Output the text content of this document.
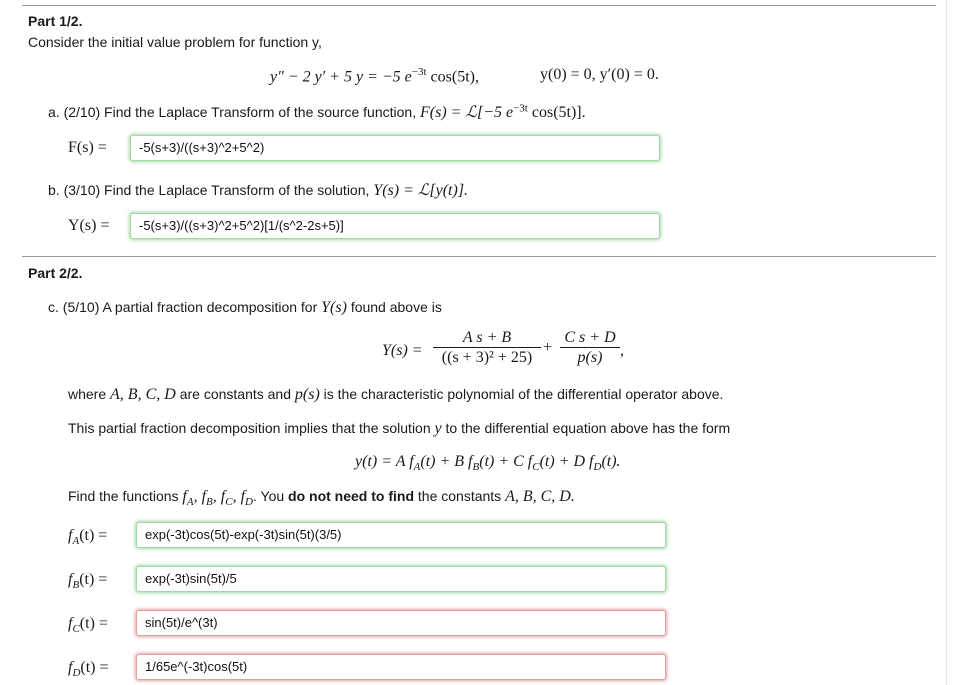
Part 1/2.
Consider the initial value problem for function y,
y″ − 2 y′ + 5 y = −5 $e^{-3t}$ cos(5t),	y(0) = 0, y′(0) = 0.
a. (2/10) Find the Laplace Transform of the source function, F(s) = ℒ[−5 $e^{-3t}$ cos(5t)].
F(s) =	-5(s+3)/((s+3)^2+5^2)
b. (3/10) Find the Laplace Transform of the solution, Y(s) = ℒ[y(t)].
Y(s) =	-5(s+3)/((s+3)^2+5^2)[1/(s^2-2s+5)]
Part 2/2.
c. (5/10) A partial fraction decomposition for Y(s) found above is
$Y(s) = \frac{\text{A s + B}}{\text{((s + 3)² + 25)}} + \frac{\text{C s + D}}{p(s)}$ ,
where A, B, C, D are constants and p(s) is the characteristic polynomial of the differential operator above.
This partial fraction decomposition implies that the solution y to the differential equation above has the form
y(t) = A $f_A(t) + B$ $f_B(t) + C$ $f_C(t) + D$ $f_D(t)$.
Find the functions $f_A$, $f_B$, $f_C$, $f_D$. You do not need to find the constants A, B, C, D.
$f_A(t)$ =	exp(-3t)cos(5t)-exp(-3t)sin(5t)(3/5)
$f_B(t)$ =	exp(-3t)sin(5t)/5
$f_C(t)$ =	sin(5t)/e^(3t)
$f_D(t)$ =	1/65e^(-3t)cos(5t)
